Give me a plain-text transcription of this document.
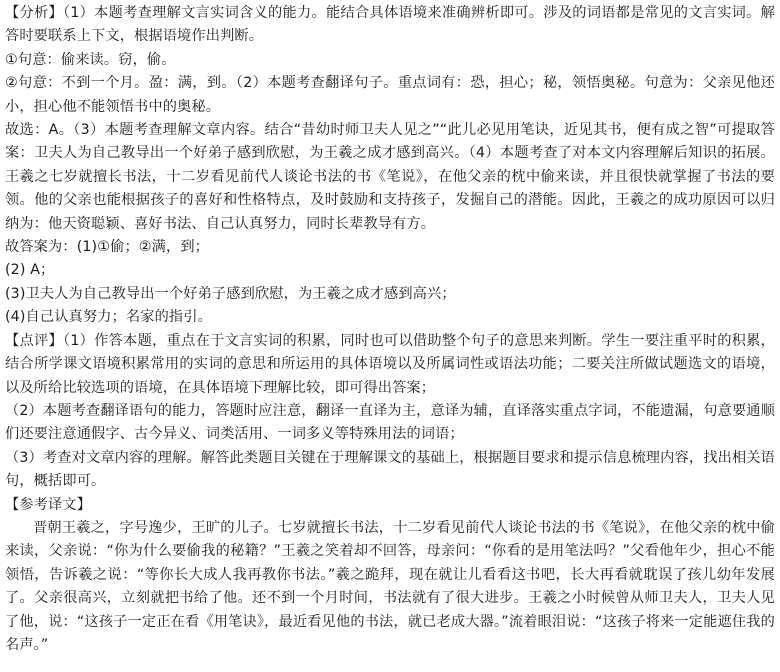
【分析】（1）本题考查理解文言实词含义的能力。能结合具体语境来准确辨析即可。涉及的词语都是常见的文言实词。解答时要联系上下文，根据语境作出判断。

①句意：偷来读。窃，偷。

②句意：不到一个月。盈：满，到。（2）本题考查翻译句子。重点词有：恐，担心；秘，领悟奥秘。句意为：父亲见他还小，担心他不能领悟书中的奥秘。

故选：A。（3）本题考查理解文章内容。结合“昔幼时师卫夫人见之”“此儿必见用笔诀，近见其书，便有成之智”可提取答案：卫夫人为自己教导出一个好弟子感到欣慰，为王羲之成才感到高兴。（4）本题考查了对本文内容理解后知识的拓展。王羲之七岁就擅长书法，十二岁看见前代人谈论书法的书《笔说》，在他父亲的枕中偷来读，并且很快就掌握了书法的要领。他的父亲也能根据孩子的喜好和性格特点，及时鼓励和支持孩子，发掘自己的潜能。因此，王羲之的成功原因可以归纳为：他天资聪颖、喜好书法、自己认真努力，同时长辈教导有方。

故答案为：(1)①偷；②满，到；

(2) A；

(3)卫夫人为自己教导出一个好弟子感到欣慰，为王羲之成才感到高兴；

(4)自己认真努力；名家的指引。

【点评】（1）作答本题，重点在于文言实词的积累，同时也可以借助整个句子的意思来判断。学生一要注重平时的积累，结合所学课文语境积累常用的实词的意思和所运用的具体语境以及所属词性或语法功能；二要关注所做试题选文的语境，以及所给比较选项的语境，在具体语境下理解比较，即可得出答案；

（2）本题考查翻译语句的能力，答题时应注意，翻译一直译为主，意译为辅，直译落实重点字词，不能遗漏，句意要通顺们还要注意通假字、古今异义、词类活用、一词多义等特殊用法的词语；

（3）考查对文章内容的理解。解答此类题目关键在于理解课文的基础上，根据题目要求和提示信息梳理内容，找出相关语句，概括即可。

【参考译文】

晋朝王羲之，字号逸少，王旷的儿子。七岁就擅长书法，十二岁看见前代人谈论书法的书《笔说》，在他父亲的枕中偷来读，父亲说：“你为什么要偷我的秘籍？”王羲之笑着却不回答，母亲问：“你看的是用笔法吗？”父看他年少，担心不能领悟，告诉羲之说：“等你长大成人我再教你书法。”羲之跪拜，现在就让儿看看这书吧，长大再看就耽误了孩儿幼年发展了。父亲很高兴，立刻就把书给了他。还不到一个月时间，书法就有了很大进步。王羲之小时候曾从师卫夫人，卫夫人见了他，说：“这孩子一定正在看《用笔诀》，最近看见他的书法，就已老成大器。”流着眼泪说：“这孩子将来一定能遮住我的名声。”
